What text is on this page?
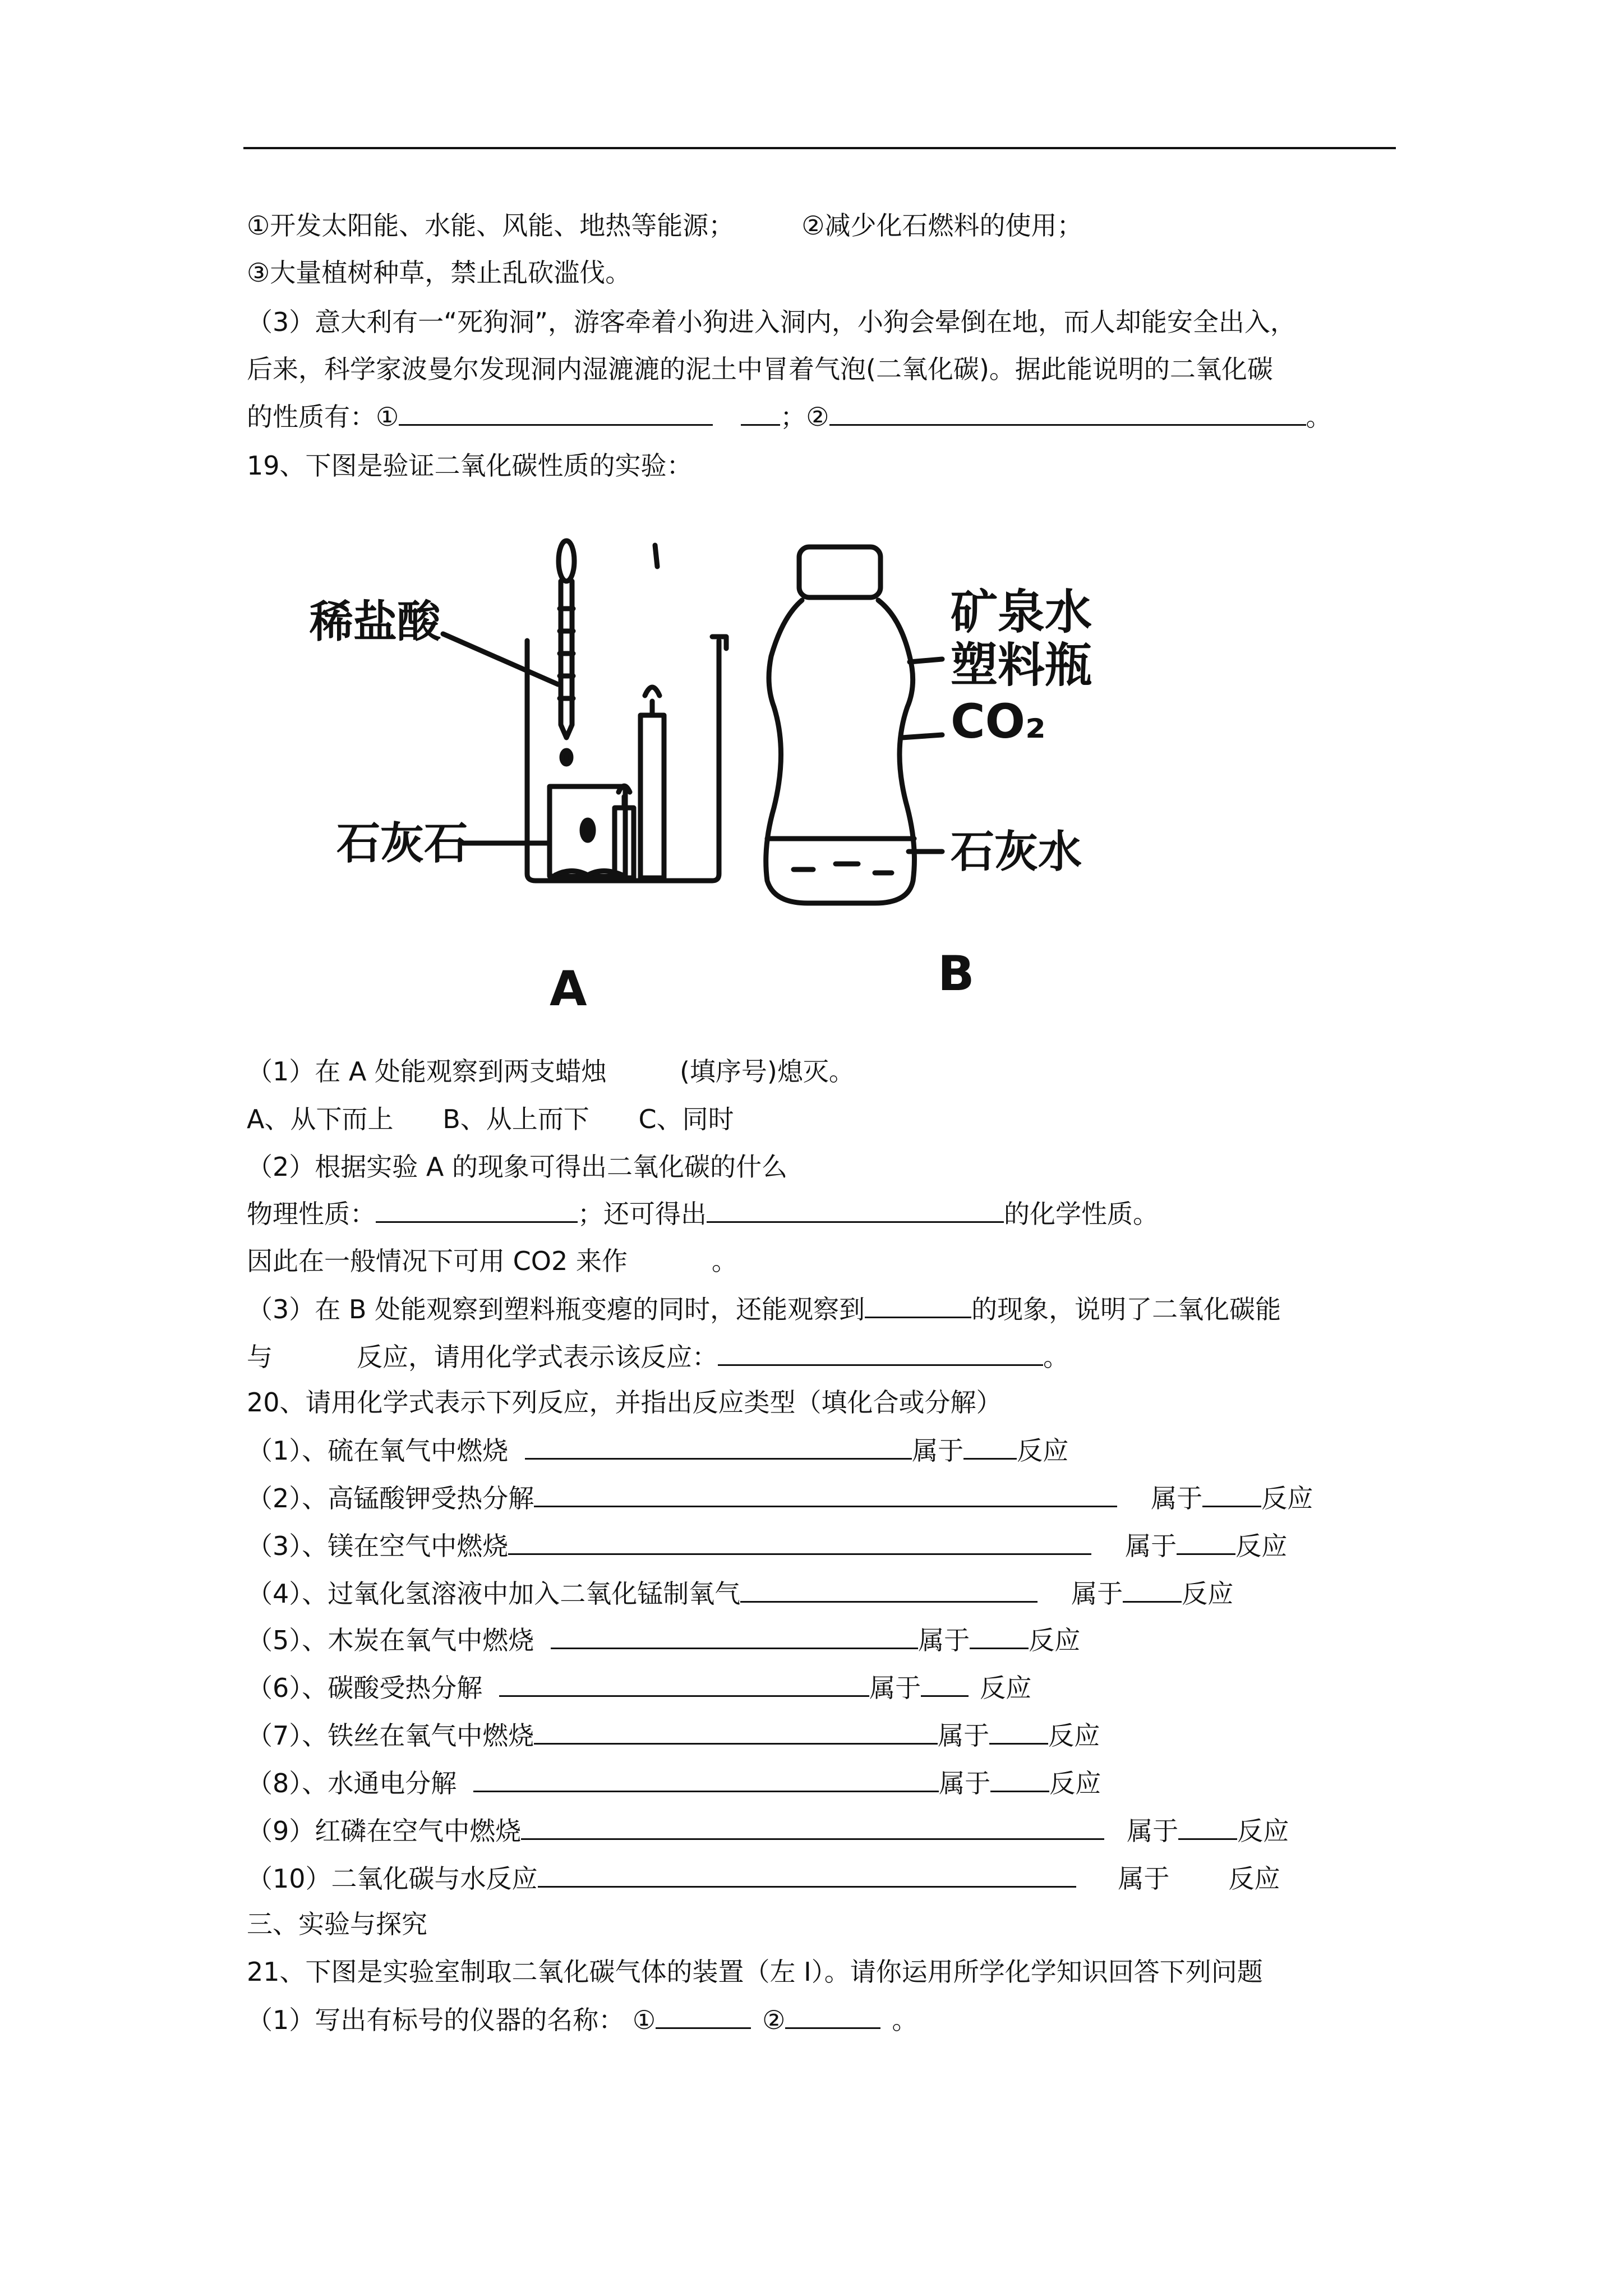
①开发太阳能、水能、风能、地热等能源；	②减少化石燃料的使用；
③大量植树种草，禁止乱砍滥伐。
（3）意大利有一“死狗洞”，游客牵着小狗进入洞内，小狗会晕倒在地，而人却能安全出入，
后来，科学家波曼尔发现洞内湿漉漉的泥土中冒着气泡(二氧化碳)。据此能说明的二氧化碳
的性质有：①	；②	。
19、下图是验证二氧化碳性质的实验：
稀盐酸
石灰石
矿泉水
塑料瓶
CO₂
石灰水
A	B
（1）在 A 处能观察到两支蜡烛	(填序号)熄灭。
A、从下而上      B、从上而下      C、同时
（2）根据实验 A 的现象可得出二氧化碳的什么
物理性质：	；还可得出	的化学性质。
因此在一般情况下可用 CO2 来作	。
（3）在 B 处能观察到塑料瓶变瘪的同时，还能观察到	的现象，说明了二氧化碳能
与	反应，请用化学式表示该反应：	。
20、请用化学式表示下列反应，并指出反应类型（填化合或分解）
（1）、硫在氧气中燃烧	属于 反应
（2）、高锰酸钾受热分解	属于 反应
（3）、镁在空气中燃烧	属于 反应
（4）、过氧化氢溶液中加入二氧化锰制氧气	属于 反应
（5）、木炭在氧气中燃烧	属于 反应
（6）、碳酸受热分解	属于 反应
（7）、铁丝在氧气中燃烧	属于 反应
（8）、水通电分解	属于 反应
（9）红磷在空气中燃烧	属于 反应
（10）二氧化碳与水反应	属于 反应
三、实验与探究
21、下图是实验室制取二氧化碳气体的装置（左 I）。请你运用所学化学知识回答下列问题
（1）写出有标号的仪器的名称： ①	②	。
